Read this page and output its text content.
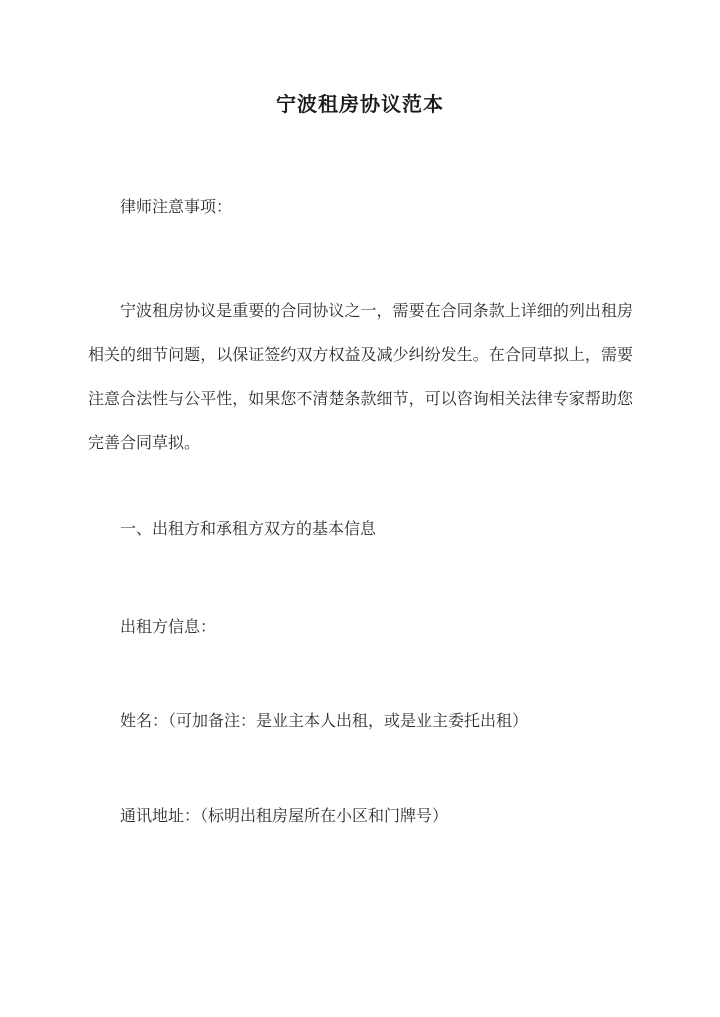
宁波租房协议范本
律师注意事项：
宁波租房协议是重要的合同协议之一，需要在合同条款上详细的列出租房相关的细节问题，以保证签约双方权益及减少纠纷发生。在合同草拟上，需要注意合法性与公平性，如果您不清楚条款细节，可以咨询相关法律专家帮助您完善合同草拟。
一、出租方和承租方双方的基本信息
出租方信息：
姓名：（可加备注：是业主本人出租，或是业主委托出租）
通讯地址：（标明出租房屋所在小区和门牌号）
